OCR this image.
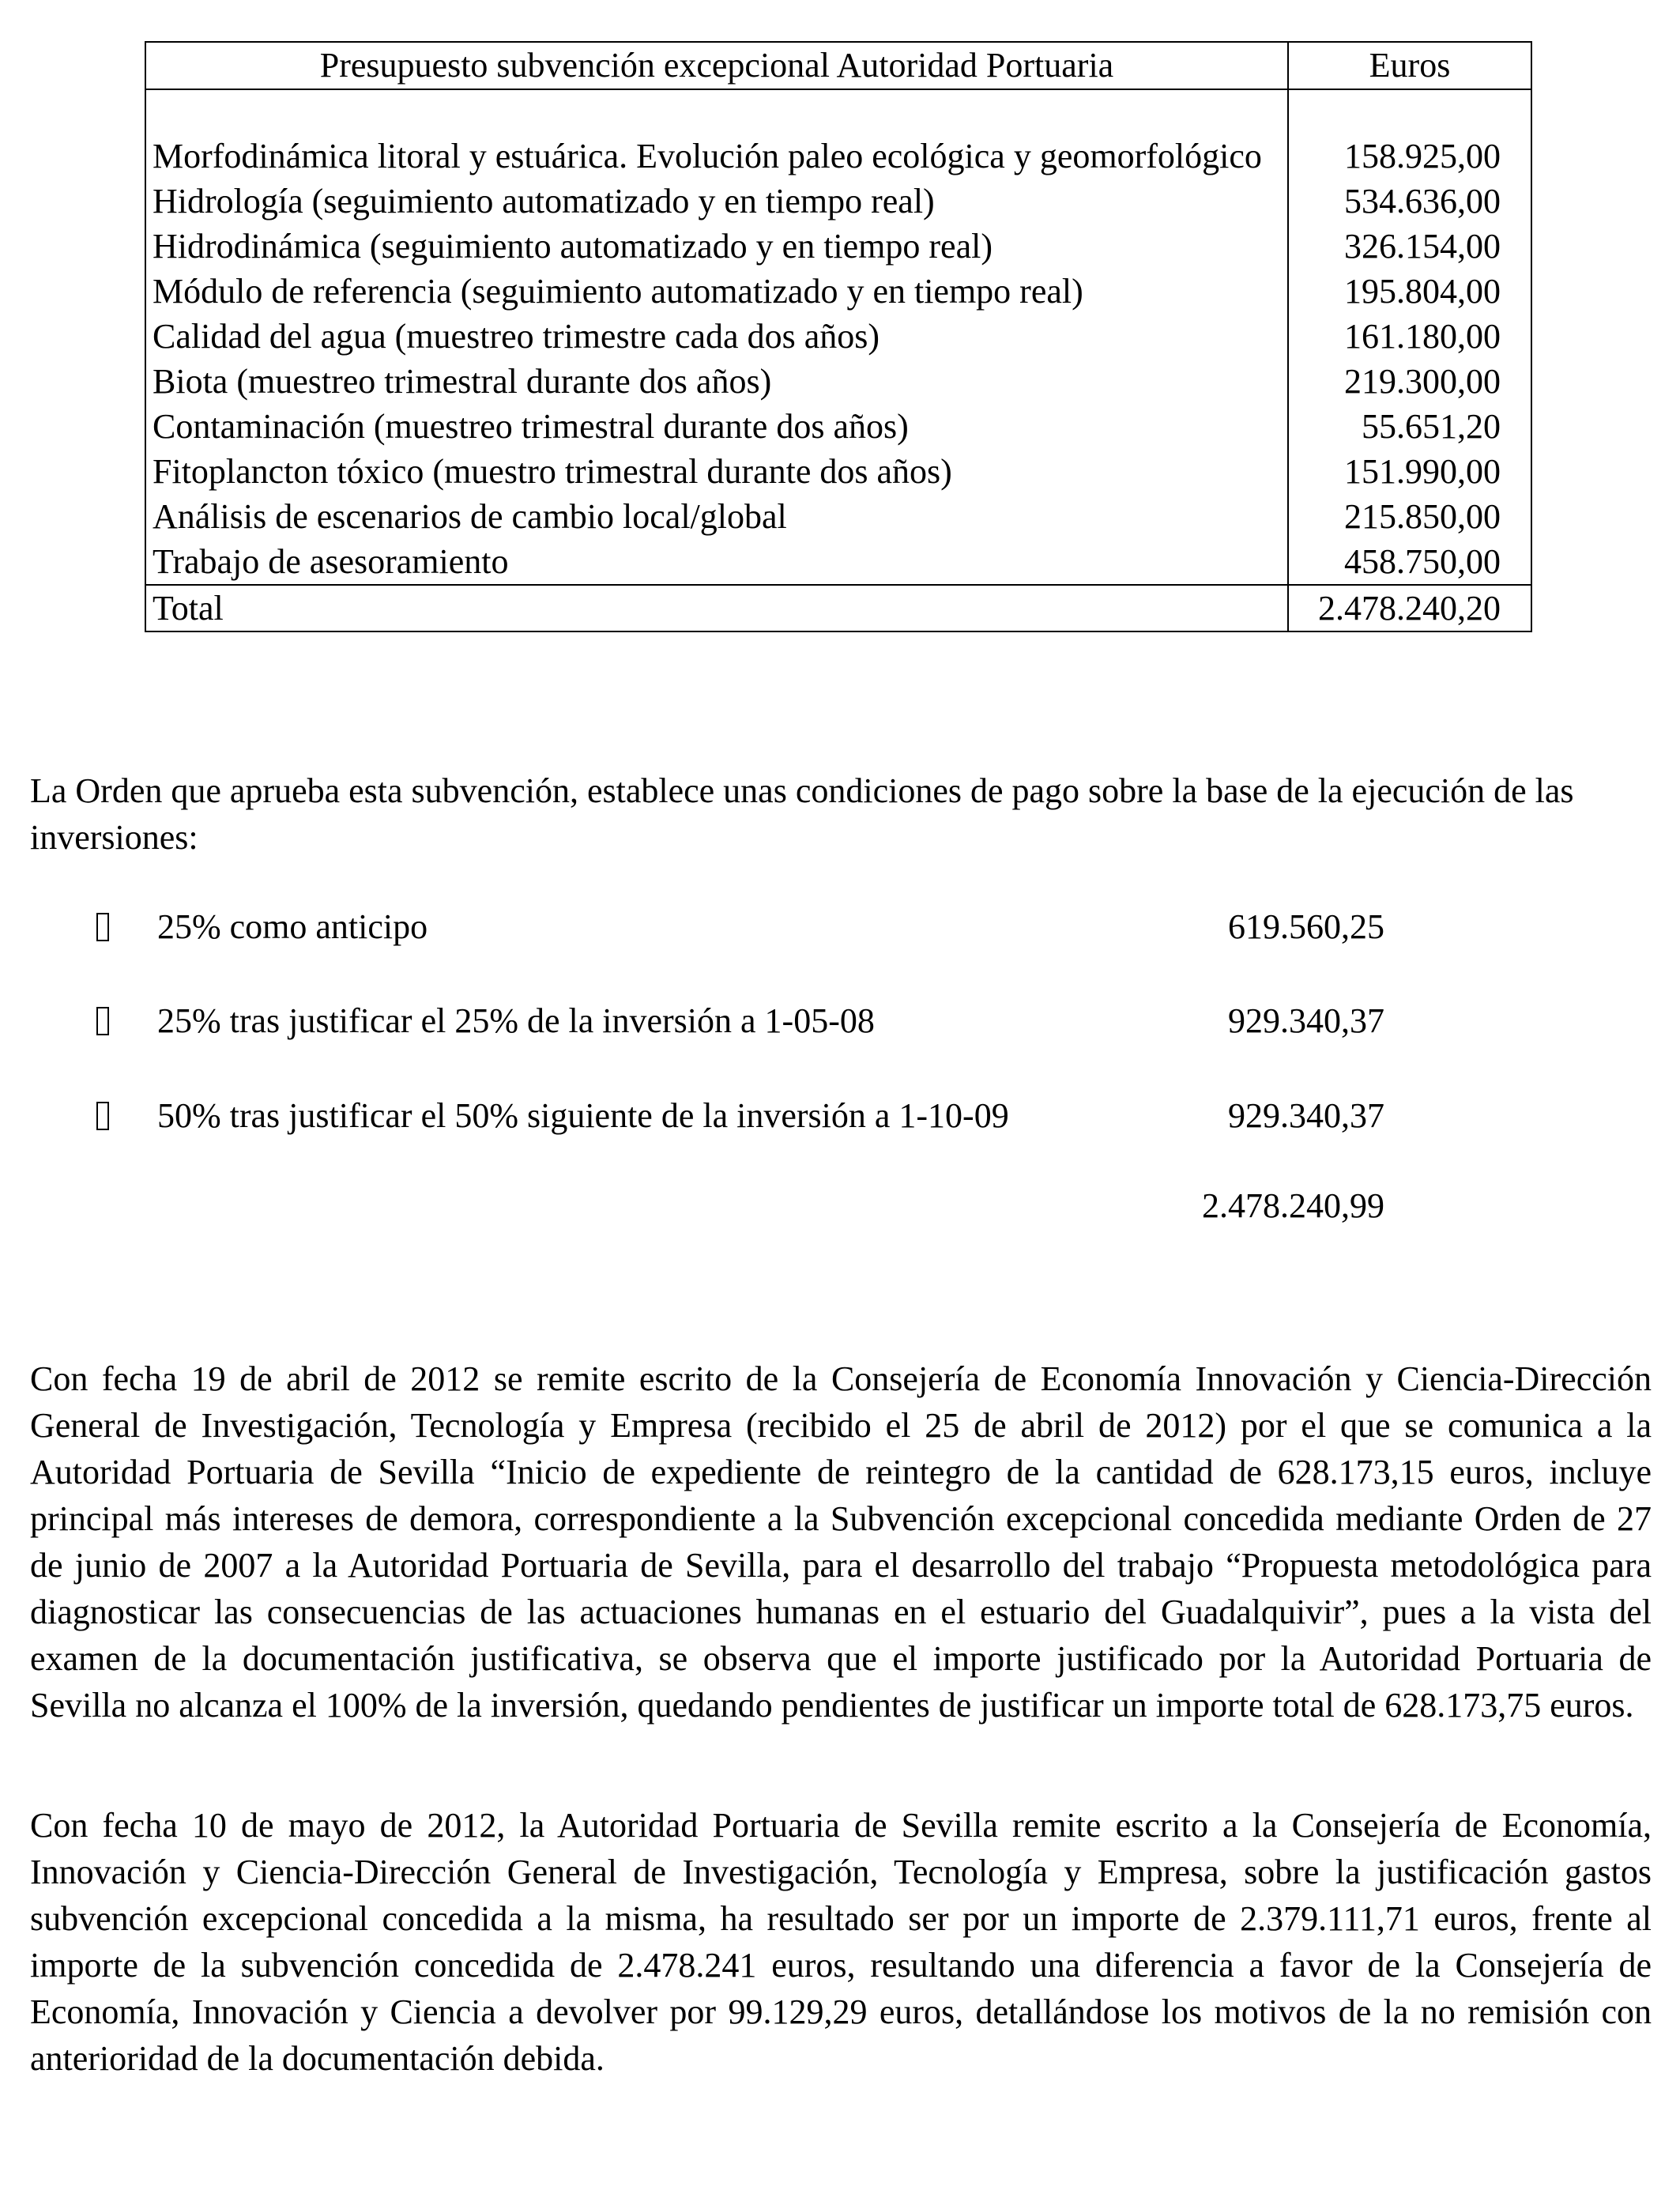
Presupuesto subvención excepcional Autoridad Portuaria	Euros

Morfodinámica litoral y estuárica. Evolución paleo ecológica y geomorfológico	158.925,00
Hidrología (seguimiento automatizado y en tiempo real)	534.636,00
Hidrodinámica (seguimiento automatizado y en tiempo real)	326.154,00
Módulo de referencia (seguimiento automatizado y en tiempo real)	195.804,00
Calidad del agua (muestreo trimestre cada dos años)	161.180,00
Biota (muestreo trimestral durante dos años)	219.300,00
Contaminación (muestreo trimestral durante dos años)	55.651,20
Fitoplancton tóxico (muestro trimestral durante dos años)	151.990,00
Análisis de escenarios de cambio local/global	215.850,00
Trabajo de asesoramiento	458.750,00
Total	2.478.240,20

La Orden que aprueba esta subvención, establece unas condiciones de pago sobre la base de la ejecución de las inversiones:

25% como anticipo	619.560,25
25% tras justificar el 25% de la inversión a 1-05-08	929.340,37
50% tras justificar el 50% siguiente de la inversión a 1-10-09	929.340,37
2.478.240,99

Con fecha 19 de abril de 2012 se remite escrito de la Consejería de Economía Innovación y Ciencia-Dirección General de Investigación, Tecnología y Empresa (recibido el 25 de abril de 2012) por el que se comunica a la Autoridad Portuaria de Sevilla “Inicio de expediente de reintegro de la cantidad de 628.173,15 euros, incluye principal más intereses de demora, correspondiente a la Subvención excepcional concedida mediante Orden de 27 de junio de 2007 a la Autoridad Portuaria de Sevilla, para el desarrollo del trabajo “Propuesta metodológica para diagnosticar las consecuencias de las actuaciones humanas en el estuario del Guadalquivir”, pues a la vista del examen de la documentación justificativa, se observa que el importe justificado por la Autoridad Portuaria de Sevilla no alcanza el 100% de la inversión, quedando pendientes de justificar un importe total de 628.173,75 euros.

Con fecha 10 de mayo de 2012, la Autoridad Portuaria de Sevilla remite escrito a la Consejería de Economía, Innovación y Ciencia-Dirección General de Investigación, Tecnología y Empresa, sobre la justificación gastos subvención excepcional concedida a la misma, ha resultado ser por un importe de 2.379.111,71 euros, frente al importe de la subvención concedida de 2.478.241 euros, resultando una diferencia a favor de la Consejería de Economía, Innovación y Ciencia a devolver por 99.129,29 euros, detallándose los motivos de la no remisión con anterioridad de la documentación debida.
